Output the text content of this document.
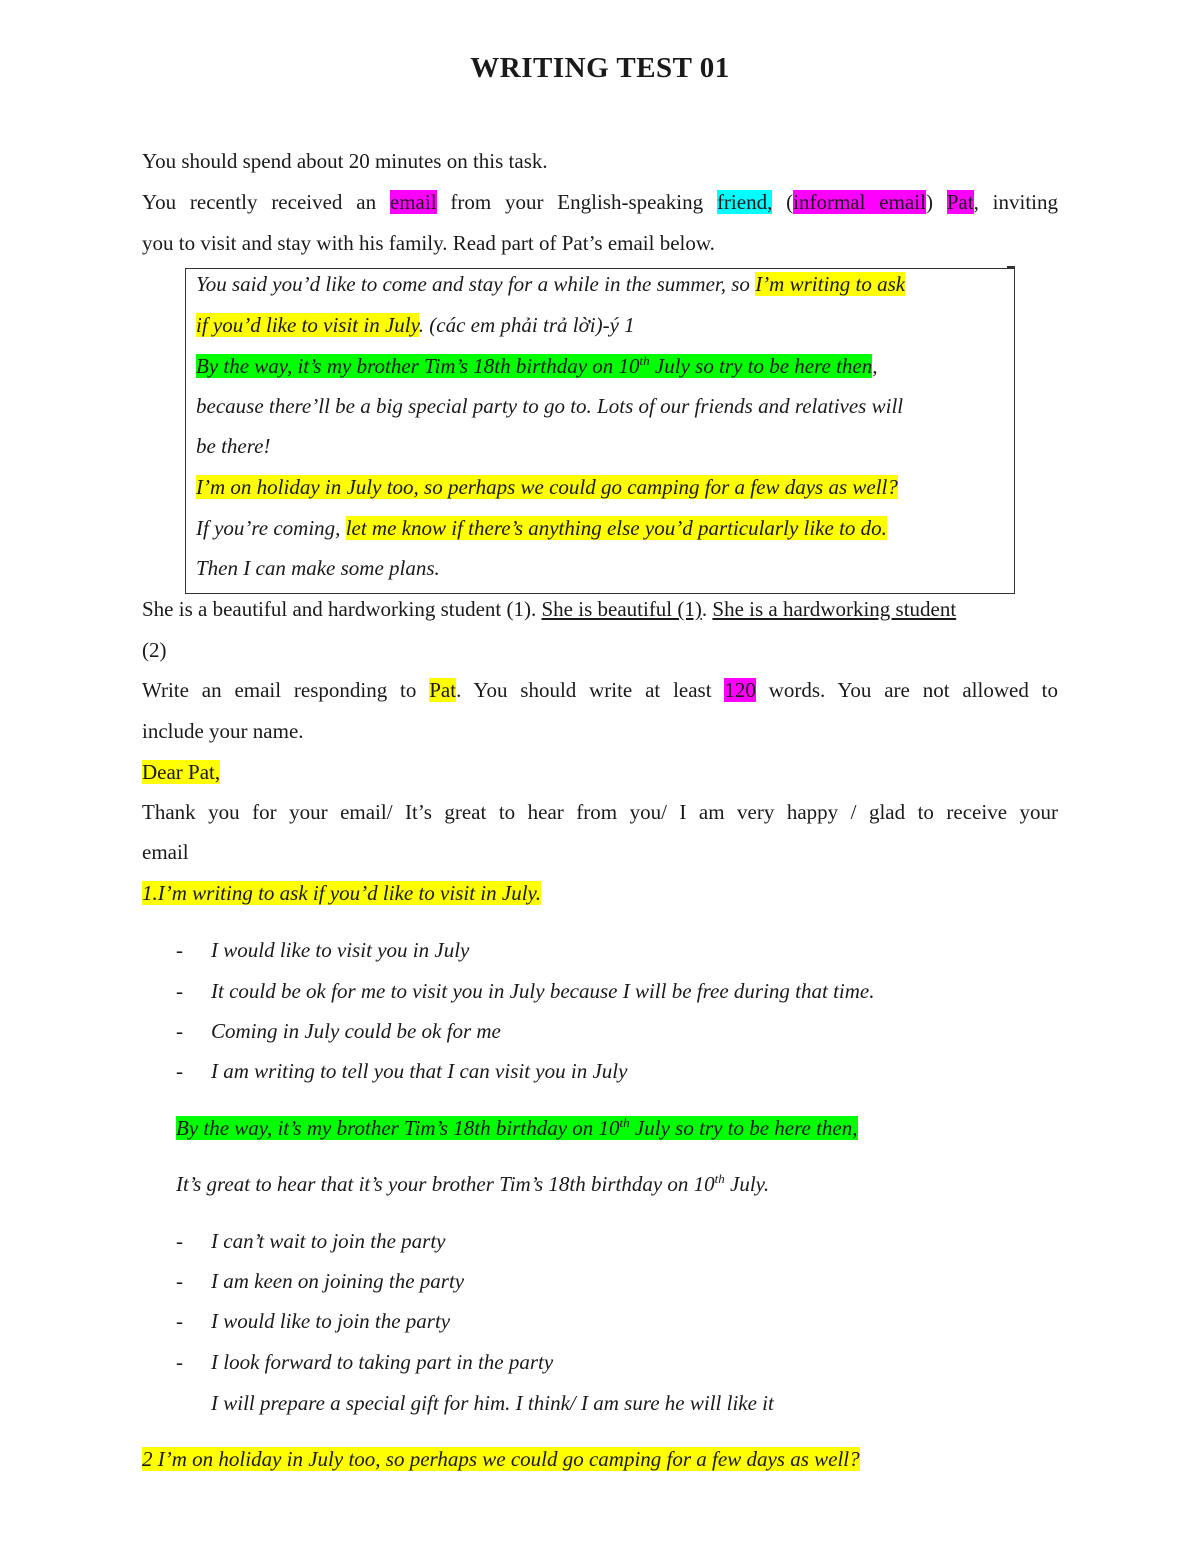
WRITING TEST 01

You should spend about 20 minutes on this task.

You recently received an email from your English-speaking friend, (informal email) Pat, inviting

you to visit and stay with his family. Read part of Pat’s email below.

You said you’d like to come and stay for a while in the summer, so I’m writing to ask

if you’d like to visit in July. (các em phải trả lời)-ý 1

By the way, it’s my brother Tim’s 18th birthday on 10th July so try to be here then,

because there’ll be a big special party to go to. Lots of our friends and relatives will

be there!

I’m on holiday in July too, so perhaps we could go camping for a few days as well?

If you’re coming, let me know if there’s anything else you’d particularly like to do.

Then I can make some plans.

She is a beautiful and hardworking student (1). She is beautiful (1). She is a hardworking student

(2)

Write an email responding to Pat. You should write at least 120 words. You are not allowed to

include your name.

Dear Pat,

Thank you for your email/ It’s great to hear from you/ I am very happy / glad to receive your

email

1.I’m writing to ask if you’d like to visit in July.

- I would like to visit you in July

- It could be ok for me to visit you in July because I will be free during that time.

- Coming in July could be ok for me

- I am writing to tell you that I can visit you in July

By the way, it’s my brother Tim’s 18th birthday on 10th July so try to be here then,

It’s great to hear that it’s your brother Tim’s 18th birthday on 10th July.

- I can’t wait to join the party

- I am keen on joining the party

- I would like to join the party

- I look forward to taking part in the party

I will prepare a special gift for him. I think/ I am sure he will like it

2 I’m on holiday in July too, so perhaps we could go camping for a few days as well?
